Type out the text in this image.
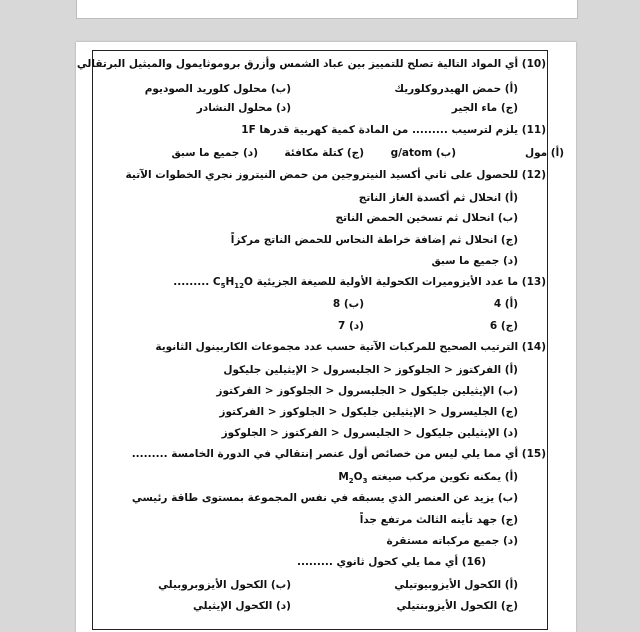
(10) أي المواد التالية تصلح للتمييز بين عباد الشمس وأزرق بروموثايمول والميثيل البرتقالي
(أ) حمض الهيدروكلوريك
(ب) محلول كلوريد الصوديوم
(ج) ماء الجير
(د) محلول النشادر
(11) يلزم لترسيب ......... من المادة كمية كهربية قدرها 1F
(أ) مول
(ب) g/atom
(ج) كتلة مكافئة
(د) جميع ما سبق
(12) للحصول على ثاني أكسيد النيتروجين من حمض النيتروز نجري الخطوات الآتية
(أ) انحلال ثم أكسدة الغاز الناتج
(ب) انحلال ثم تسخين الحمض الناتج
(ج) انحلال ثم إضافة خراطة النحاس للحمض الناتج مركزاً
(د) جميع ما سبق
(13) ما عدد الأيزوميرات الكحولية الأولية للصيغة الجزيئية $C_5H_{12}O$ .........
(أ) 4
(ب) 8
(ج) 6
(د) 7
(14) الترتيب الصحيح للمركبات الآتية حسب عدد مجموعات الكاربينول الثانوية
(أ) الفركتوز < الجلوكوز < الجليسرول < الإيثيلين جليكول
(ب) الإيثيلين جليكول < الجليسرول < الجلوكوز < الفركتوز
(ج) الجليسرول < الإيثيلين جليكول < الجلوكوز < الفركتوز
(د) الإيثيلين جليكول < الجليسرول < الفركتوز < الجلوكوز
(15) أي مما يلي ليس من خصائص أول عنصر إنتقالي في الدورة الخامسة .........
(أ) يمكنه تكوين مركب صيغته $M_2O_3$
(ب) يزيد عن العنصر الذي يسبقه في نفس المجموعة بمستوى طاقة رئيسي
(ج) جهد تأينه الثالث مرتفع جداً
(د) جميع مركباته مستقرة
(16) أي مما يلي كحول ثانوي .........
(أ) الكحول الأيزوبيوتيلي
(ب) الكحول الأيزوبروبيلي
(ج) الكحول الأيزوبنتيلي
(د) الكحول الإيثيلي
